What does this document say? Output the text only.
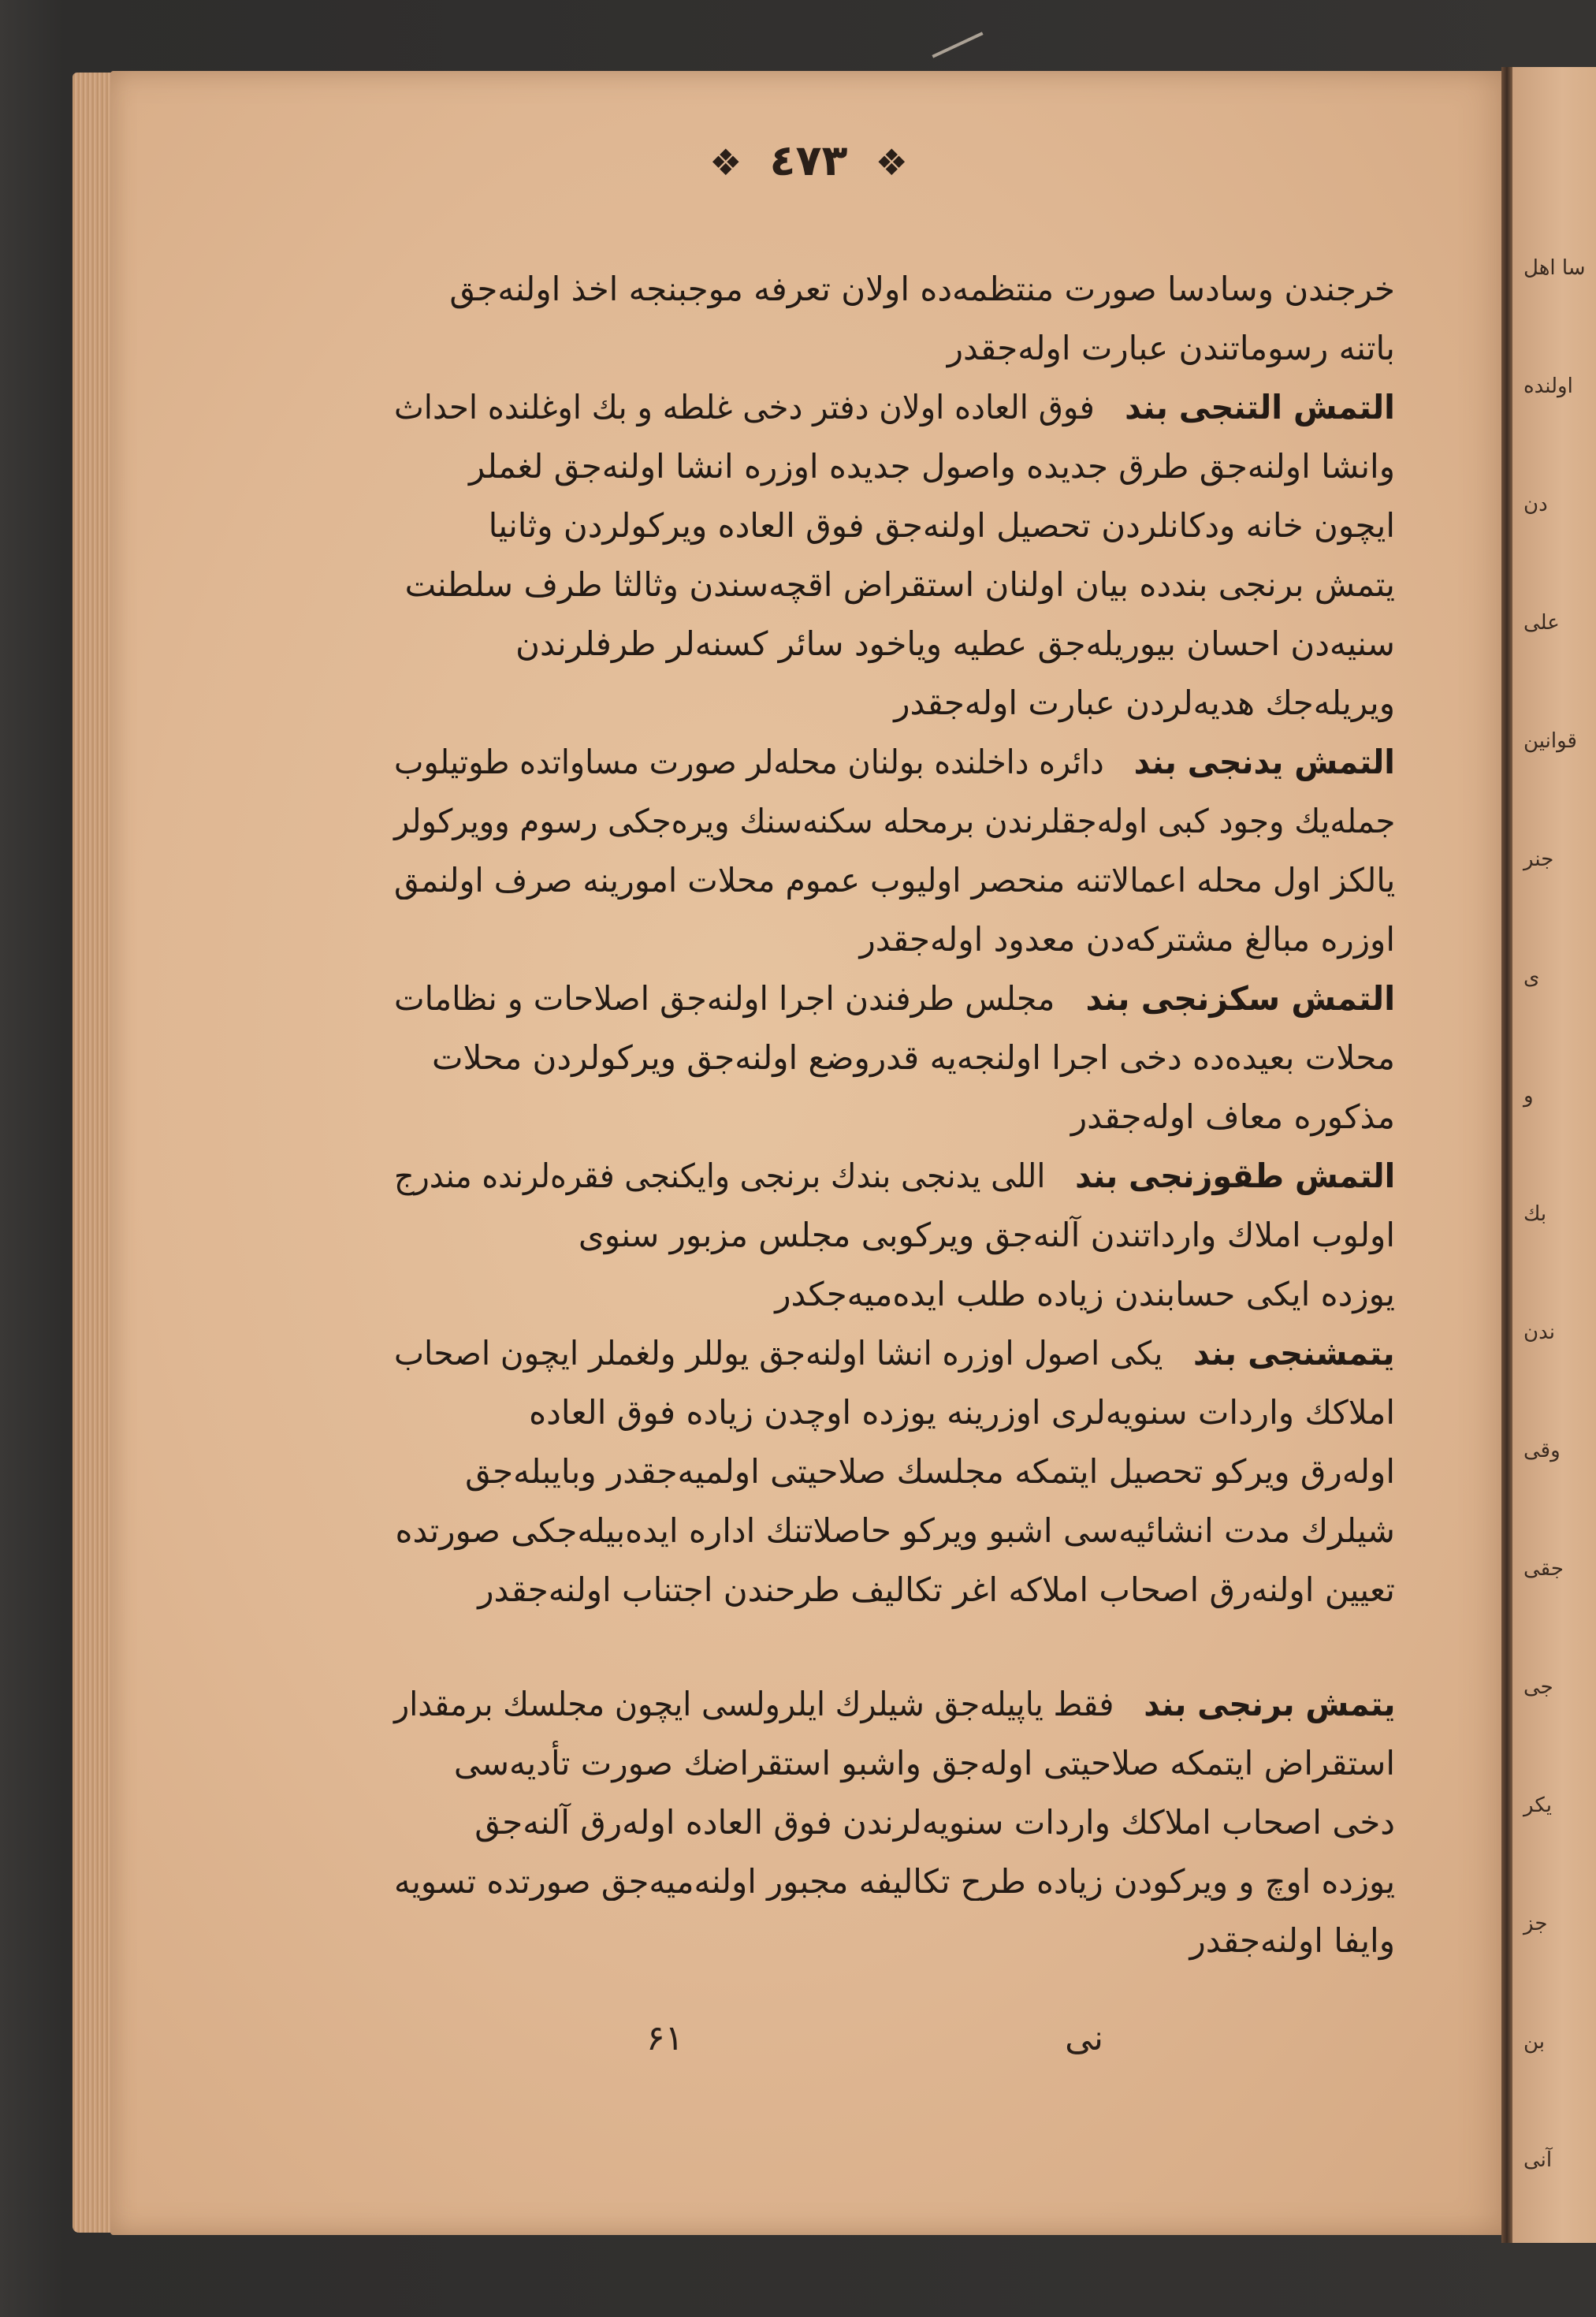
سا اهل
اولنده
دن
علی
قوانین
جنر
ى
و
بك
ندن
وقی
جقی
جی
یكر
جز
بن
آنی
❖ ٤٧٣ ❖
خرجندن وسادسا صورت منتظمه‌ده اولان تعرفه موجبنجه اخذ اولنه‌جق
باتنه رسوماتندن عبارت اوله‌جقدر
التمش التنجی بندفوق العاده اولان دفتر دخی غلطه و بك اوغلنده احداث
وانشا اولنه‌جق طرق جدیده واصول جدیده اوزره انشا اولنه‌جق لغملر
ایچون خانه ودكانلردن تحصیل اولنه‌جق فوق العاده ویركولردن وثانیا
یتمش برنجی بندده بیان اولنان استقراض اقچه‌سندن وثالثا طرف سلطنت
سنیه‌دن احسان بیوریله‌جق عطیه ویاخود سائر كسنه‌لر طرفلرندن
ویریله‌جك هدیه‌لردن عبارت اوله‌جقدر
التمش یدنجی بنددائره داخلنده بولنان محله‌لر صورت مساواتده طوتیلوب
جمله‌یك وجود كبی اوله‌جقلرندن برمحله سكنه‌سنك ویره‌جكی رسوم وویركولر
یالكز اول محله اعمالاتنه منحصر اولیوب عموم محلات امورینه صرف اولنمق
اوزره مبالغ مشتركه‌دن معدود اوله‌جقدر
التمش سكزنجی بندمجلس طرفندن اجرا اولنه‌جق اصلاحات و نظامات
محلات بعیده‌ده دخی اجرا اولنجه‌یه قدروضع اولنه‌جق ویركولردن محلات
مذكوره معاف اوله‌جقدر
التمش طقوزنجی بنداللی یدنجی بندك برنجی وایكنجی فقره‌لرنده مندرج
اولوب املاك وارداتندن آلنه‌جق ویركوبی مجلس مزبور سنوی
یوزده ایكی حسابندن زیاده طلب ایده‌میه‌جكدر
یتمشنجی بندیكی اصول اوزره انشا اولنه‌جق یوللر ولغملر ایچون اصحاب
املاكك واردات سنویه‌لری اوزرینه یوزده اوچدن زیاده فوق العاده
اوله‌رق ویركو تحصیل ایتمكه مجلسك صلاحیتی اولمیه‌جقدر وبایبله‌جق
شیلرك مدت انشائیه‌سی اشبو ویركو حاصلاتنك اداره ایده‌بیله‌جكی صورتده
تعیین اولنه‌رق اصحاب املاكه اغر تكالیف طرحندن اجتناب اولنه‌جقدر
یتمش برنجی بندفقط یاپیله‌جق شیلرك ایلرولسی ایچون مجلسك برمقدار
استقراض ایتمكه صلاحیتی اوله‌جق واشبو استقراضك صورت تأدیه‌سی
دخی اصحاب املاكك واردات سنویه‌لرندن فوق العاده اوله‌رق آلنه‌جق
یوزده اوچ و ویركودن زیاده طرح تكالیفه مجبور اولنه‌میه‌جق صورتده تسویه
وایفا اولنه‌جقدر
نی
۶۱
